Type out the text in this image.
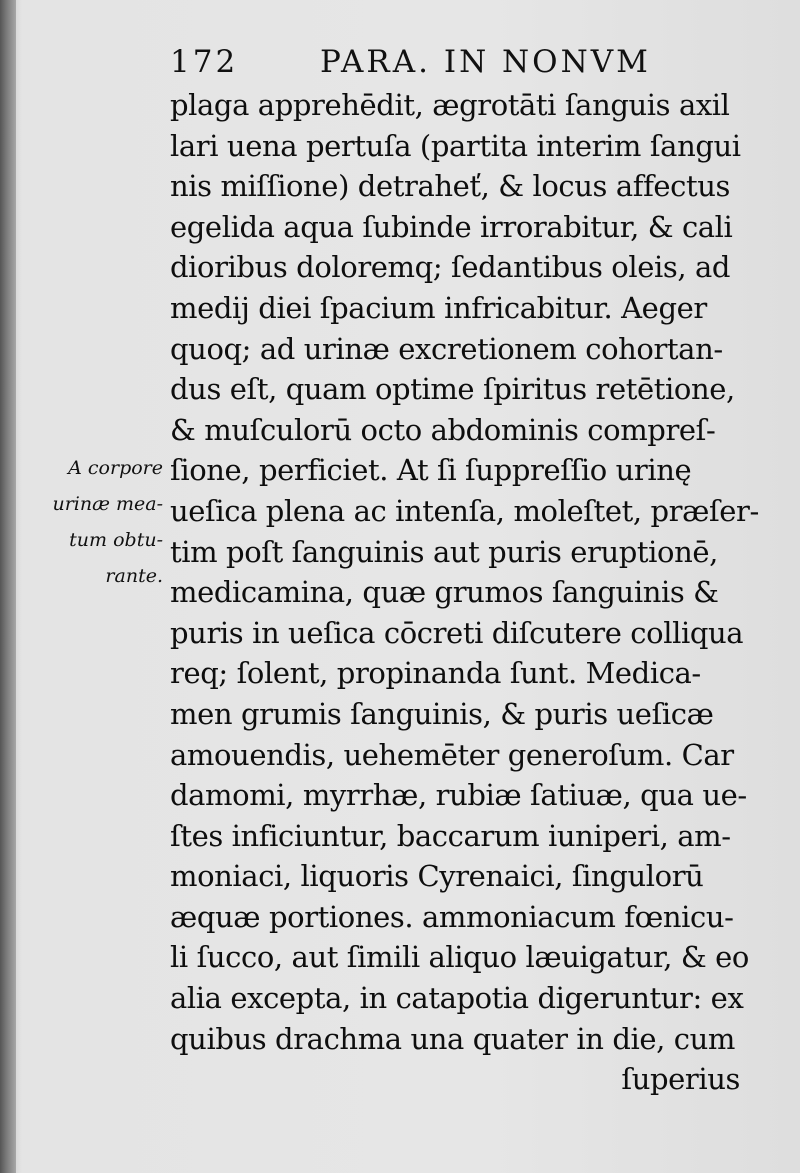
172	PARA. IN NONVM
A corpore
urinæ mea-
tum obtu-
rante.
plaga apprehēdit, ægrotāti ſanguis axil
lari uena pertuſa (partita interim ſangui
nis miſſione) detraheť, & locus affectus
egelida aqua ſubinde irrorabitur, & cali
dioribus doloremq; ſedantibus oleis, ad
medij diei ſpacium infricabitur. Aeger
quoq; ad urinæ excretionem cohortan-
dus eſt, quam optime ſpiritus retētione,
& muſculorū octo abdominis compreſ-
ſione, perficiet. At ſi ſuppreſſio urinę
ueſica plena ac intenſa, moleſtet, præſer-
tim poſt ſanguinis aut puris eruptionē,
medicamina, quæ grumos ſanguinis &
puris in ueſica cōcreti diſcutere colliqua
req; ſolent, propinanda ſunt. Medica-
men grumis ſanguinis, & puris ueſicæ
amouendis, uehemēter generoſum. Car
damomi, myrrhæ, rubiæ ſatiuæ, qua ue-
ſtes inficiuntur, baccarum iuniperi, am-
moniaci, liquoris Cyrenaici, ſingulorū
æquæ portiones. ammoniacum fœnicu-
li ſucco, aut ſimili aliquo læuigatur, & eo
alia excepta, in catapotia digeruntur: ex
quibus drachma una quater in die, cum
ſuperius
